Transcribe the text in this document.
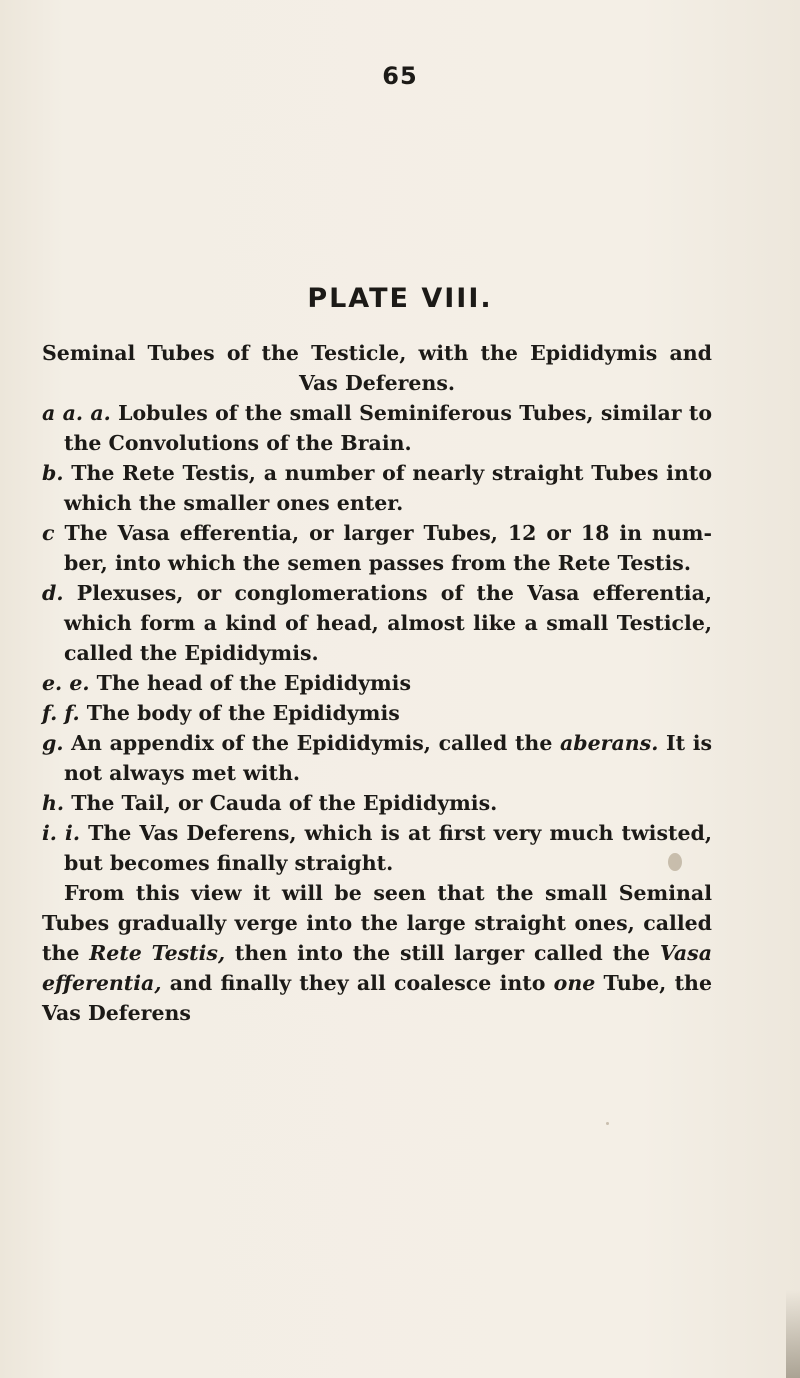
65
PLATE VIII.

Seminal Tubes of the Testicle, with the Epididymis and
Vas Deferens.

a a. a. Lobules of the small Seminiferous Tubes, similar to the Convolutions of the Brain.

b. The Rete Testis, a number of nearly straight Tubes into which the smaller ones enter.

c The Vasa efferentia, or larger Tubes, 12 or 18 in num-ber, into which the semen passes from the Rete Testis.

d. Plexuses, or conglomerations of the Vasa efferentia, which form a kind of head, almost like a small Testicle, called the Epididymis.

e. e. The head of the Epididymis

f. f. The body of the Epididymis

g. An appendix of the Epididymis, called the aberans. It is not always met with.

h. The Tail, or Cauda of the Epididymis.

i. i. The Vas Deferens, which is at first very much twisted, but becomes finally straight.

From this view it will be seen that the small Seminal Tubes gradually verge into the large straight ones, called the Rete Testis, then into the still larger called the Vasa efferentia, and finally they all coalesce into one Tube, the Vas Deferens
